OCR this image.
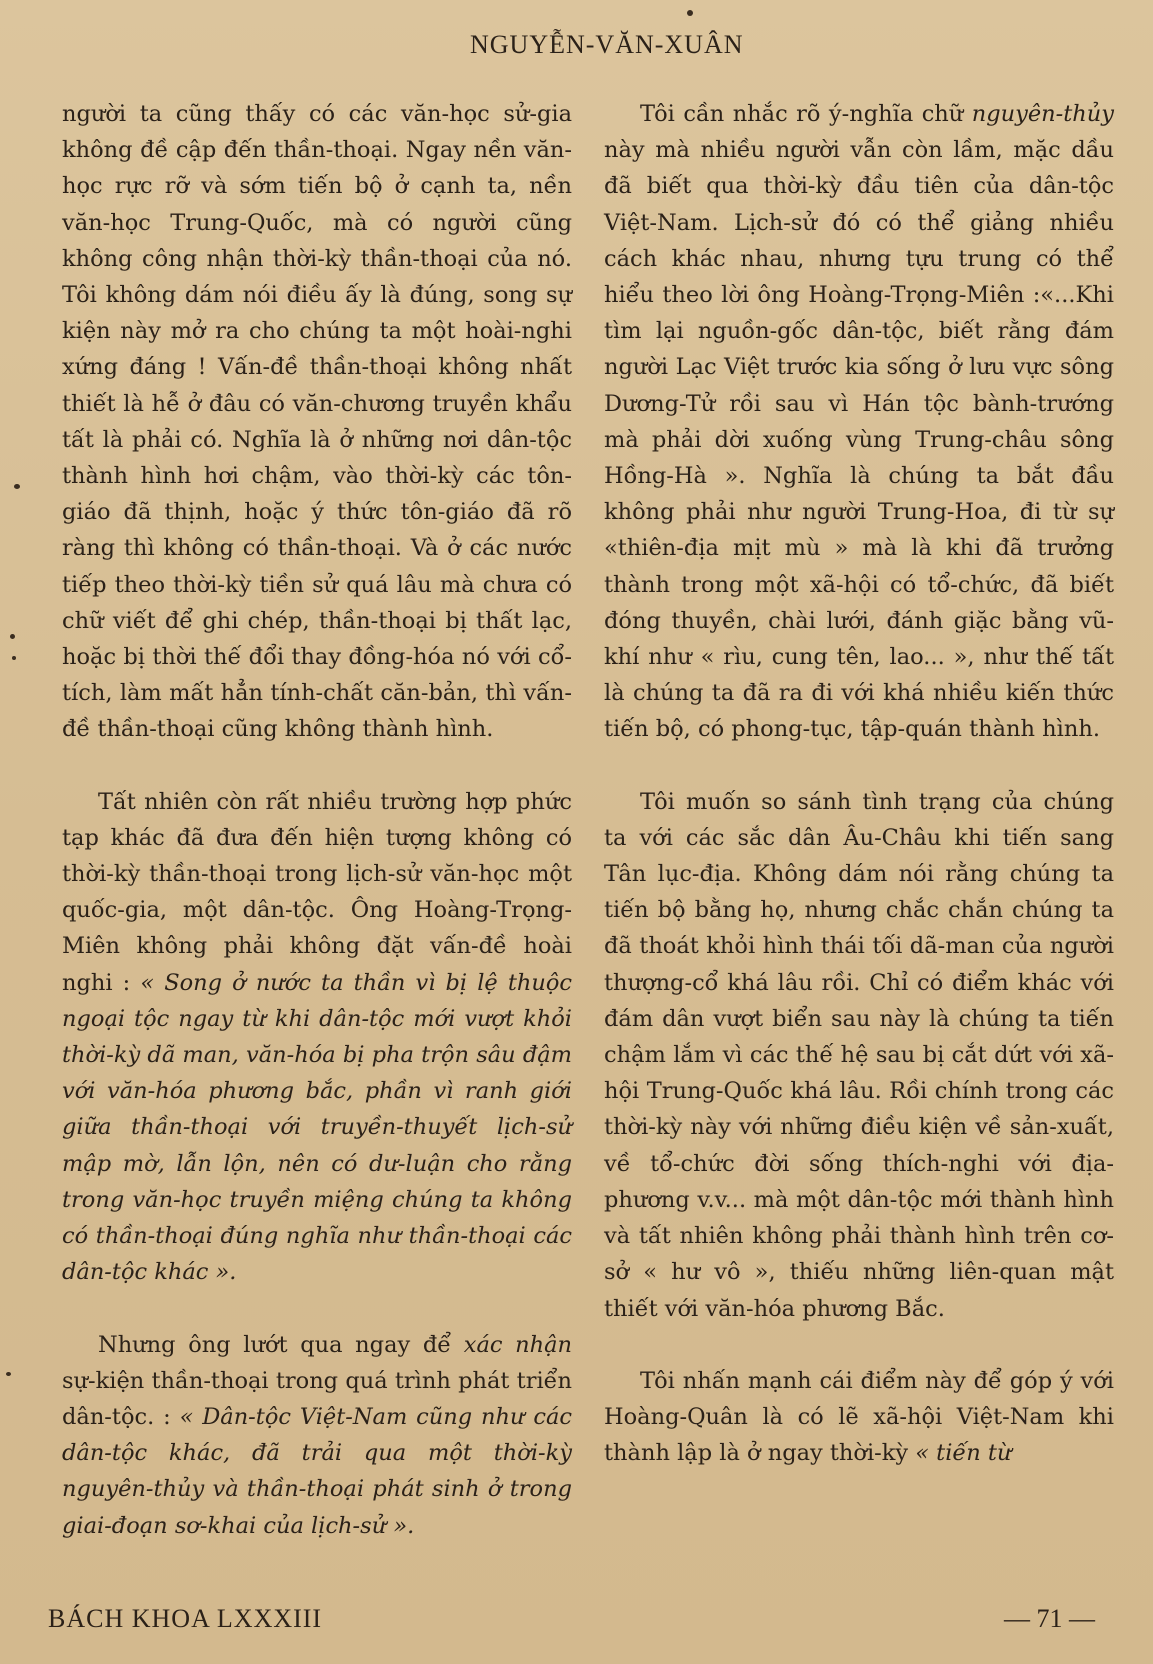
NGUYỄN-VĂN-XUÂN

người ta cũng thấy có các văn-học sử-gia không đề cập đến thần-thoại. Ngay nền văn-học rực rỡ và sớm tiến bộ ở cạnh ta, nền văn-học Trung-Quốc, mà có người cũng không công nhận thời-kỳ thần-thoại của nó. Tôi không dám nói điều ấy là đúng, song sự kiện này mở ra cho chúng ta một hoài-nghi xứng đáng ! Vấn-đề thần-thoại không nhất thiết là hễ ở đâu có văn-chương truyền khẩu tất là phải có. Nghĩa là ở những nơi dân-tộc thành hình hơi chậm, vào thời-kỳ các tôn-giáo đã thịnh, hoặc ý thức tôn-giáo đã rõ ràng thì không có thần-thoại. Và ở các nước tiếp theo thời-kỳ tiền sử quá lâu mà chưa có chữ viết để ghi chép, thần-thoại bị thất lạc, hoặc bị thời thế đổi thay đồng-hóa nó với cổ-tích, làm mất hẳn tính-chất căn-bản, thì vấn-đề thần-thoại cũng không thành hình.

Tất nhiên còn rất nhiều trường hợp phức tạp khác đã đưa đến hiện tượng không có thời-kỳ thần-thoại trong lịch-sử văn-học một quốc-gia, một dân-tộc. Ông Hoàng-Trọng-Miên không phải không đặt vấn-đề hoài nghi : « Song ở nước ta thần vì bị lệ thuộc ngoại tộc ngay từ khi dân-tộc mới vượt khỏi thời-kỳ dã man, văn-hóa bị pha trộn sâu đậm với văn-hóa phương bắc, phần vì ranh giới giữa thần-thoại với truyền-thuyết lịch-sử mập mờ, lẫn lộn, nên có dư-luận cho rằng trong văn-học truyền miệng chúng ta không có thần-thoại đúng nghĩa như thần-thoại các dân-tộc khác ».

Nhưng ông lướt qua ngay để xác nhận sự-kiện thần-thoại trong quá trình phát triển dân-tộc. : « Dân-tộc Việt-Nam cũng như các dân-tộc khác, đã trải qua một thời-kỳ nguyên-thủy và thần-thoại phát sinh ở trong giai-đoạn sơ-khai của lịch-sử ».

Tôi cần nhắc rõ ý-nghĩa chữ nguyên-thủy này mà nhiều người vẫn còn lầm, mặc dầu đã biết qua thời-kỳ đầu tiên của dân-tộc Việt-Nam. Lịch-sử đó có thể giảng nhiều cách khác nhau, nhưng tựu trung có thể hiểu theo lời ông Hoàng-Trọng-Miên :«...Khi tìm lại nguồn-gốc dân-tộc, biết rằng đám người Lạc Việt trước kia sống ở lưu vực sông Dương-Tử rồi sau vì Hán tộc bành-trướng mà phải dời xuống vùng Trung-châu sông Hồng-Hà ». Nghĩa là chúng ta bắt đầu không phải như người Trung-Hoa, đi từ sự «thiên-địa mịt mù » mà là khi đã trưởng thành trong một xã-hội có tổ-chức, đã biết đóng thuyền, chài lưới, đánh giặc bằng vũ-khí như « rìu, cung tên, lao... », như thế tất là chúng ta đã ra đi với khá nhiều kiến thức tiến bộ, có phong-tục, tập-quán thành hình.

Tôi muốn so sánh tình trạng của chúng ta với các sắc dân Âu-Châu khi tiến sang Tân lục-địa. Không dám nói rằng chúng ta tiến bộ bằng họ, nhưng chắc chắn chúng ta đã thoát khỏi hình thái tối dã-man của người thượng-cổ khá lâu rồi. Chỉ có điểm khác với đám dân vượt biển sau này là chúng ta tiến chậm lắm vì các thế hệ sau bị cắt dứt với xã-hội Trung-Quốc khá lâu. Rồi chính trong các thời-kỳ này với những điều kiện về sản-xuất, về tổ-chức đời sống thích-nghi với địa-phương v.v... mà một dân-tộc mới thành hình và tất nhiên không phải thành hình trên cơ-sở « hư vô », thiếu những liên-quan mật thiết với văn-hóa phương Bắc.

Tôi nhấn mạnh cái điểm này để góp ý với Hoàng-Quân là có lẽ xã-hội Việt-Nam khi thành lập là ở ngay thời-kỳ « tiến từ

BÁCH KHOA LXXXIII	— 71 —
